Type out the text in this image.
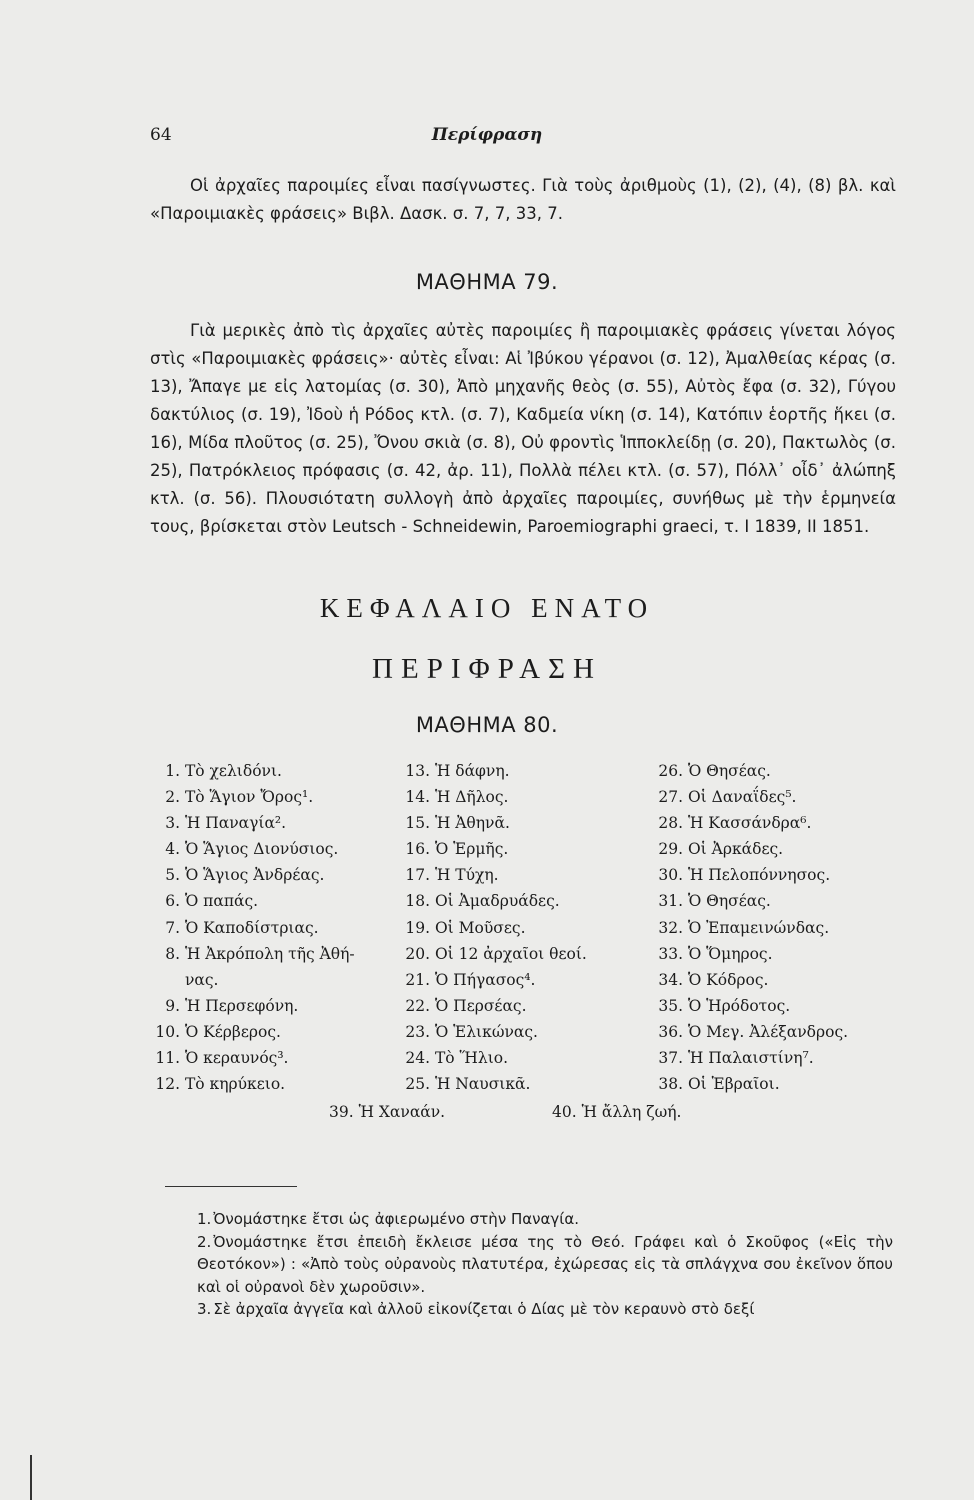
64	Περίφραση

Οἱ ἀρχαῖες παροιμίες εἶναι πασίγνωστες. Γιὰ τοὺς ἀριθμοὺς (1), (2), (4), (8) βλ. καὶ «Παροιμιακὲς φράσεις» Βιβλ. Δασκ. σ. 7, 7, 33, 7.

ΜΑΘΗΜΑ 79.

Γιὰ μερικὲς ἀπὸ τὶς ἀρχαῖες αὐτὲς παροιμίες ἢ παροιμιακὲς φράσεις γίνεται λόγος στὶς «Παροιμιακὲς φράσεις»· αὐτὲς εἶναι: Αἱ Ἰβύκου γέρανοι (σ. 12), Ἀμαλθείας κέρας (σ. 13), Ἄπαγε με εἰς λατομίας (σ. 30), Ἀπὸ μηχανῆς θεὸς (σ. 55), Αὐτὸς ἔφα (σ. 32), Γύγου δακτύλιος (σ. 19), Ἰδοὺ ἡ Ρόδος κτλ. (σ. 7), Καδμεία νίκη (σ. 14), Κατόπιν ἑορτῆς ἥκει (σ. 16), Μίδα πλοῦτος (σ. 25), Ὄνου σκιὰ (σ. 8), Οὐ φροντὶς Ἱπποκλείδῃ (σ. 20), Πακτωλὸς (σ. 25), Πατρόκλειος πρόφασις (σ. 42, ἀρ. 11), Πολλὰ πέλει κτλ. (σ. 57), Πόλλ᾽ οἶδ᾽ ἀλώπηξ κτλ. (σ. 56). Πλουσιότατη συλλογὴ ἀπὸ ἀρχαῖες παροιμίες, συνήθως μὲ τὴν ἑρμηνεία τους, βρίσκεται στὸν Leutsch - Schneidewin, Paroemiographi graeci, τ. I 1839, II 1851.

ΚΕΦΑΛΑΙΟ ΕΝΑΤΟ
ΠΕΡΙΦΡΑΣΗ
ΜΑΘΗΜΑ 80.
1. Τὸ χελιδόνι.
2. Τὸ Ἅγιον Ὄρος¹.
3. Ἡ Παναγία².
4. Ὁ Ἅγιος Διονύσιος.
5. Ὁ Ἅγιος Ἀνδρέας.
6. Ὁ παπάς.
7. Ὁ Καποδίστριας.
8. Ἡ Ἀκρόπολη τῆς Ἀθή-
νας.
9. Ἡ Περσεφόνη.
10. Ὁ Κέρβερος.
11. Ὁ κεραυνός³.
12. Τὸ κηρύκειο.
13. Ἡ δάφνη.
14. Ἡ Δῆλος.
15. Ἡ Ἀθηνᾶ.
16. Ὁ Ἑρμῆς.
17. Ἡ Τύχη.
18. Οἱ Ἀμαδρυάδες.
19. Οἱ Μοῦσες.
20. Οἱ 12 ἀρχαῖοι θεοί.
21. Ὁ Πήγασος⁴.
22. Ὁ Περσέας.
23. Ὁ Ἑλικώνας.
24. Τὸ Ἥλιο.
25. Ἡ Ναυσικᾶ.
26. Ὁ Θησέας.
27. Οἱ Δαναΐδες⁵.
28. Ἡ Κασσάνδρα⁶.
29. Οἱ Ἀρκάδες.
30. Ἡ Πελοπόννησος.
31. Ὁ Θησέας.
32. Ὁ Ἐπαμεινώνδας.
33. Ὁ Ὅμηρος.
34. Ὁ Κόδρος.
35. Ὁ Ἡρόδοτος.
36. Ὁ Μεγ. Ἀλέξανδρος.
37. Ἡ Παλαιστίνη⁷.
38. Οἱ Ἑβραῖοι.
39. Ἡ Χαναάν.	40. Ἡ ἄλλη ζωή.

1. Ὀνομάστηκε ἔτσι ὡς ἀφιερωμένο στὴν Παναγία.

2. Ὀνομάστηκε ἔτσι ἐπειδὴ ἔκλεισε μέσα της τὸ Θεό. Γράφει καὶ ὁ Σκοῦφος («Εἰς τὴν Θεοτόκον») : «Ἀπὸ τοὺς οὐρανοὺς πλατυτέρα, ἐχώρεσας εἰς τὰ σπλάγχνα σου ἐκεῖνον ὅπου καὶ οἱ οὐρανοὶ δὲν χωροῦσιν».

3. Σὲ ἀρχαῖα ἀγγεῖα καὶ ἀλλοῦ εἰκονίζεται ὁ Δίας μὲ τὸν κεραυνὸ στὸ δεξί
